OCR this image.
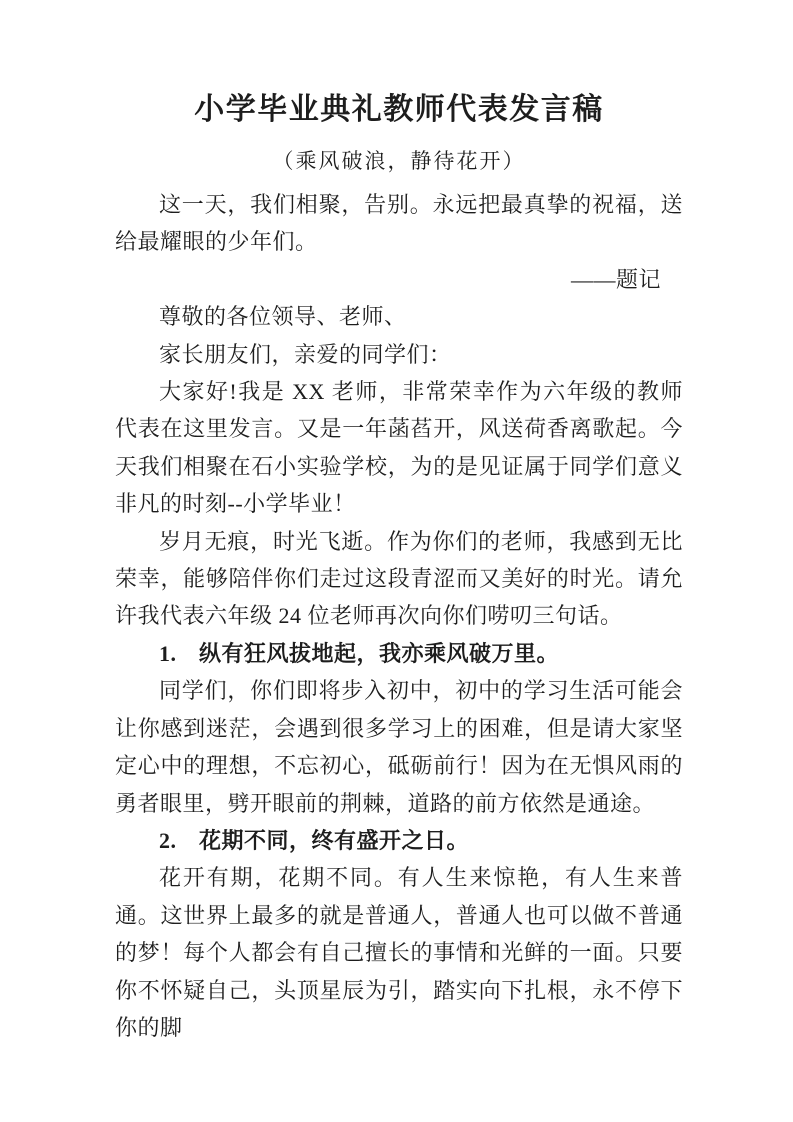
小学毕业典礼教师代表发言稿
（乘风破浪，静待花开）

这一天，我们相聚，告别。永远把最真挚的祝福，送给最耀眼的少年们。

——题记

尊敬的各位领导、老师、

家长朋友们，亲爱的同学们：

大家好!我是 XX 老师，非常荣幸作为六年级的教师代表在这里发言。又是一年菡萏开，风送荷香离歌起。今天我们相聚在石小实验学校，为的是见证属于同学们意义非凡的时刻--小学毕业！

岁月无痕，时光飞逝。作为你们的老师，我感到无比荣幸，能够陪伴你们走过这段青涩而又美好的时光。请允许我代表六年级 24 位老师再次向你们唠叨三句话。

1.　纵有狂风拔地起，我亦乘风破万里。

同学们，你们即将步入初中，初中的学习生活可能会让你感到迷茫，会遇到很多学习上的困难，但是请大家坚定心中的理想，不忘初心，砥砺前行！因为在无惧风雨的勇者眼里，劈开眼前的荆棘，道路的前方依然是通途。

2.　花期不同，终有盛开之日。

花开有期，花期不同。有人生来惊艳，有人生来普通。这世界上最多的就是普通人，普通人也可以做不普通的梦！每个人都会有自己擅长的事情和光鲜的一面。只要你不怀疑自己，头顶星辰为引，踏实向下扎根，永不停下你的脚
